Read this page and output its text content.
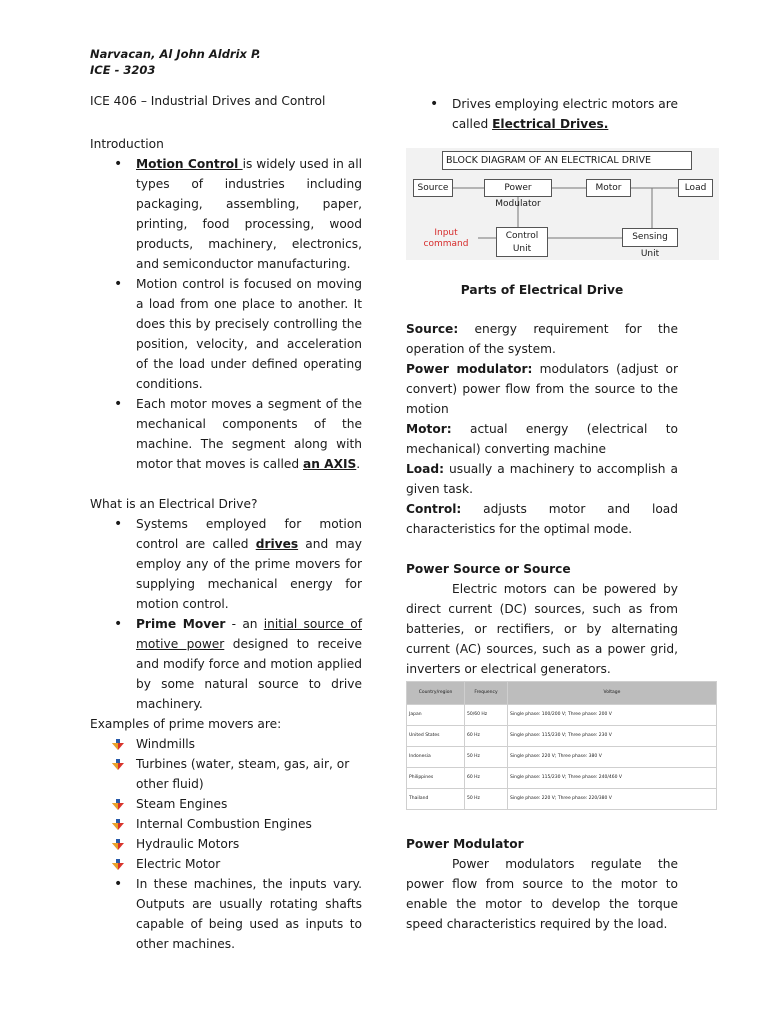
Narvacan, Al John Aldrix P.
ICE - 3203
ICE 406 – Industrial Drives and Control

Introduction

• Motion Control is widely used in all types of industries including packaging, assembling, paper, printing, food processing, wood products, machinery, electronics, and semiconductor manufacturing.
• Motion control is focused on moving a load from one place to another. It does this by precisely controlling the position, velocity, and acceleration of the load under defined operating conditions.
• Each motor moves a segment of the mechanical components of the machine. The segment along with motor that moves is called an AXIS.

What is an Electrical Drive?

• Systems employed for motion control are called drives and may employ any of the prime movers for supplying mechanical energy for motion control.
• Prime Mover - an initial source of motive power designed to receive and modify force and motion applied by some natural source to drive machinery.

Examples of prime movers are:

Windmills
Turbines (water, steam, gas, air, or other fluid)
Steam Engines
Internal Combustion Engines
Hydraulic Motors
Electric Motor
• In these machines, the inputs vary. Outputs are usually rotating shafts capable of being used as inputs to other machines.
• Drives employing electric motors are called Electrical Drives.
BLOCK DIAGRAM OF AN ELECTRICAL DRIVE
Source	Power Modulator
Motor	Load
Input
command
Control
Unit
Sensing Unit

Parts of Electrical Drive

Source: energy requirement for the operation of the system.

Power modulator: modulators (adjust or convert) power flow from the source to the motion

Motor: actual energy (electrical to mechanical) converting machine

Load: usually a machinery to accomplish a given task.

Control: adjusts motor and load characteristics for the optimal mode.

Power Source or Source

Electric motors can be powered by direct current (DC) sources, such as from batteries, or rectifiers, or by alternating current (AC) sources, such as a power grid, inverters or electrical generators.

Country/region	Frequency	Voltage
Japan	50/60 Hz	Single phase: 100/200 V; Three phase: 200 V
United States	60 Hz	Single phase: 115/230 V; Three phase: 230 V
Indonesia	50 Hz	Single phase: 220 V; Three phase: 380 V
Philippines	60 Hz	Single phase: 115/230 V; Three phase: 240/460 V
Thailand	50 Hz	Single phase: 220 V; Three phase: 220/380 V

Power Modulator

Power modulators regulate the power flow from source to the motor to enable the motor to develop the torque speed characteristics required by the load.
